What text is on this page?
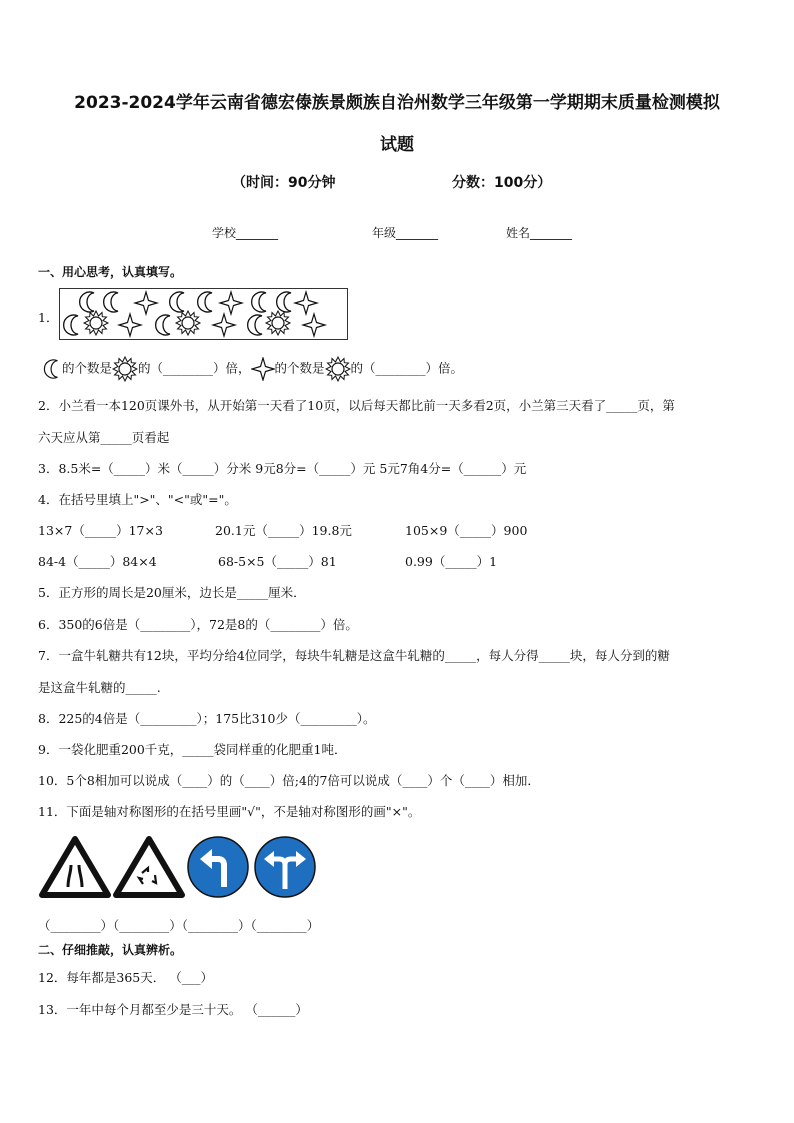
2023-2024学年云南省德宏傣族景颇族自治州数学三年级第一学期期末质量检测模拟
试题
（时间：90分钟	分数：100分）
学校_______	年级_______	姓名_______
一、用心思考，认真填写。
1．
的个数是 的（________）倍， 的个数是 的（________）倍。
2．小兰看一本120页课外书，从开始第一天看了10页，以后每天都比前一天多看2页，小兰第三天看了_____页，第
六天应从第_____页看起
3．8.5米=（_____）米（_____）分米 9元8分=（_____）元 5元7角4分=（______）元
4．在括号里填上">"、"<"或"="。
13×7（_____）17×3	20.1元（_____）19.8元	105×9（_____）900
84-4（_____）84×4	68-5×5（_____）81	0.99（_____）1
5．正方形的周长是20厘米，边长是_____厘米．
6．350的6倍是（________），72是8的（________）倍。
7．一盒牛轧糖共有12块，平均分给4位同学，每块牛轧糖是这盒牛轧糖的_____，每人分得_____块，每人分到的糖
是这盒牛轧糖的_____.
8．225的4倍是（_________）；175比310少（_________）。
9．一袋化肥重200千克，_____袋同样重的化肥重1吨．
10．5个8相加可以说成（____）的（____）倍;4的7倍可以说成（____）个（____）相加．
11．下面是轴对称图形的在括号里画"√"，不是轴对称图形的画"×"。
（________）（________）（________）（________）
二、仔细推敲，认真辨析。
12．每年都是365天． （___）
13．一年中每个月都至少是三十天。 （______）
